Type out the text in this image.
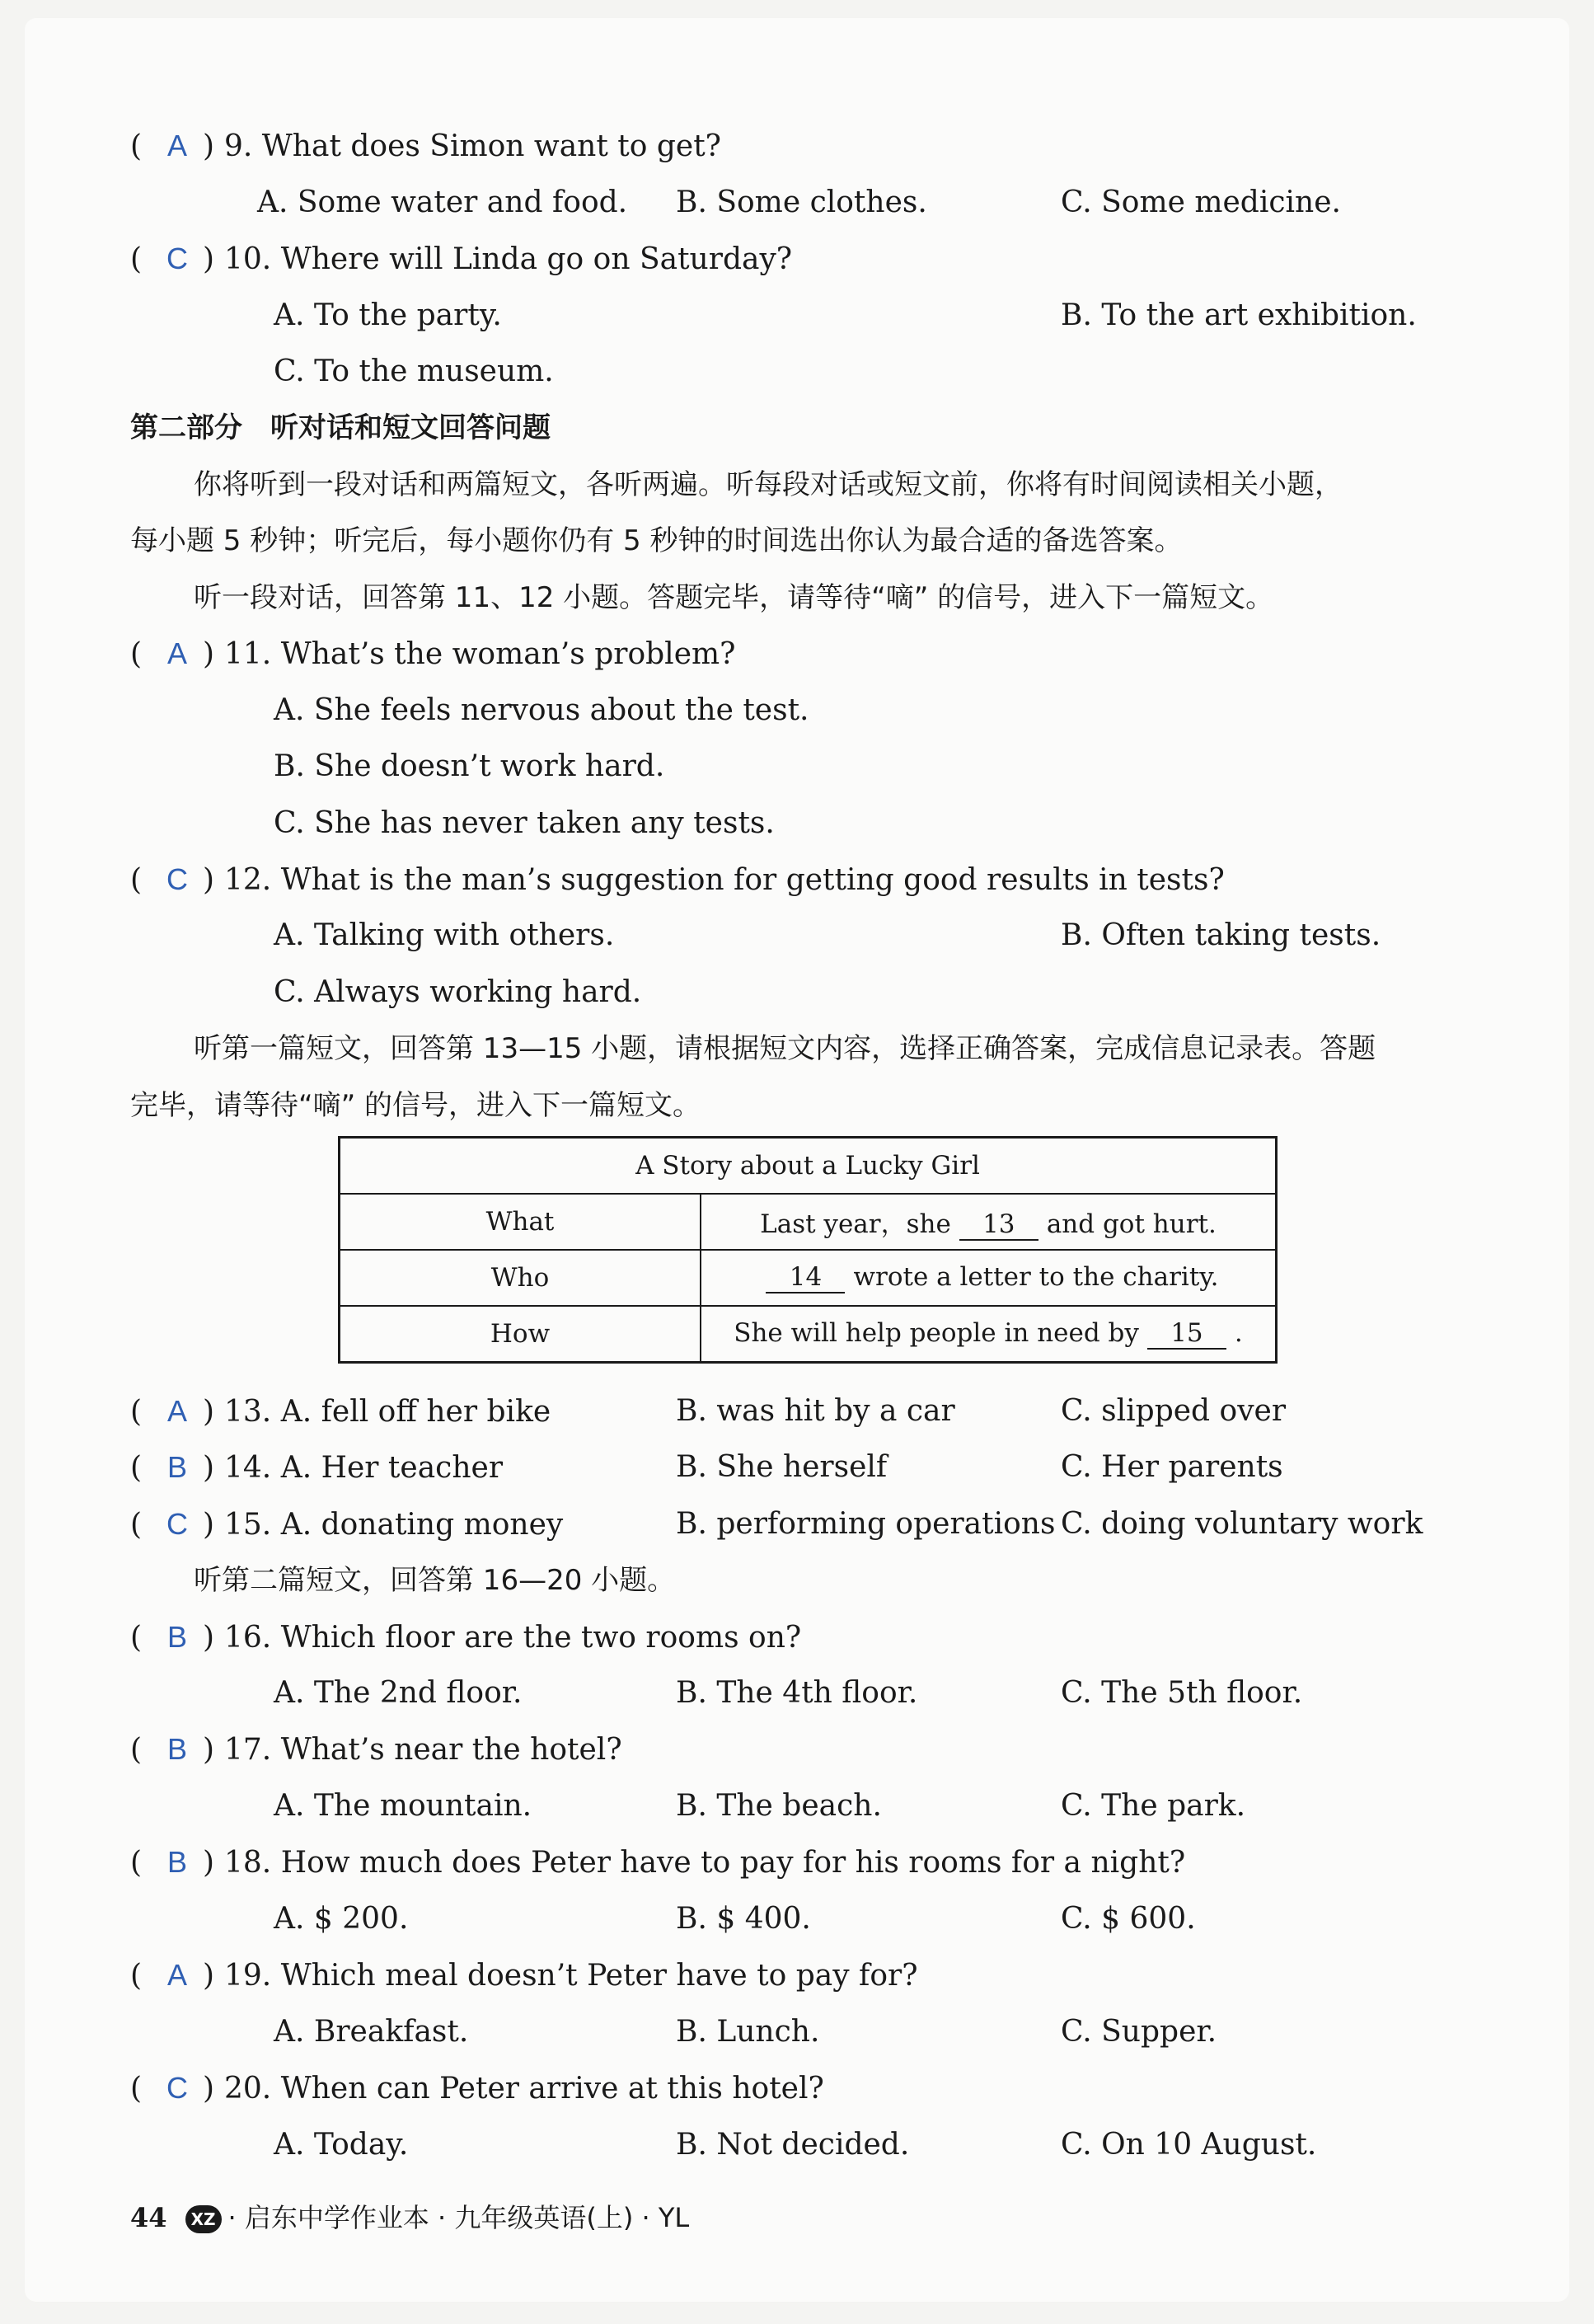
( A ) 9. What does Simon want to get?
A. Some water and food. B. Some clothes.	C. Some medicine.
( C ) 10. Where will Linda go on Saturday?
A. To the party.	B. To the art exhibition.
C. To the museum.
第二部分　听对话和短文回答问题
你将听到一段对话和两篇短文，各听两遍。听每段对话或短文前，你将有时间阅读相关小题，
每小题 5 秒钟；听完后，每小题你仍有 5 秒钟的时间选出你认为最合适的备选答案。
听一段对话，回答第 11、12 小题。答题完毕，请等待“嘀” 的信号，进入下一篇短文。
( A ) 11. What’s the woman’s problem?
A. She feels nervous about the test.
B. She doesn’t work hard.
C. She has never taken any tests.
( C ) 12. What is the man’s suggestion for getting good results in tests?
A. Talking with others.	B. Often taking tests.
C. Always working hard.
听第一篇短文，回答第 13—15 小题，请根据短文内容，选择正确答案，完成信息记录表。答题
完毕，请等待“嘀” 的信号，进入下一篇短文。
A Story about a Lucky Girl	
What	Last year，she 13 and got hurt.
Who	14 wrote a letter to the charity.
How	She will help people in need by 15 .
( A ) 13. A. fell off her bike	B. was hit by a car	C. slipped over
( B ) 14. A. Her teacher	B. She herself	C. Her parents
( C ) 15. A. donating money	B. performing operations C. doing voluntary work
听第二篇短文，回答第 16—20 小题。
( B ) 16. Which floor are the two rooms on?
A. The 2nd floor.	B. The 4th floor.	C. The 5th floor.
( B ) 17. What’s near the hotel?
A. The mountain.	B. The beach.	C. The park.
( B ) 18. How much does Peter have to pay for his rooms for a night?
A. $ 200.	B. $ 400.	C. $ 600.
( A ) 19. Which meal doesn’t Peter have to pay for?
A. Breakfast.	B. Lunch.	C. Supper.
( C ) 20. When can Peter arrive at this hotel?
A. Today.	B. Not decided.	C. On 10 August.
44 XZ · 启东中学作业本 · 九年级英语(上) · YL
